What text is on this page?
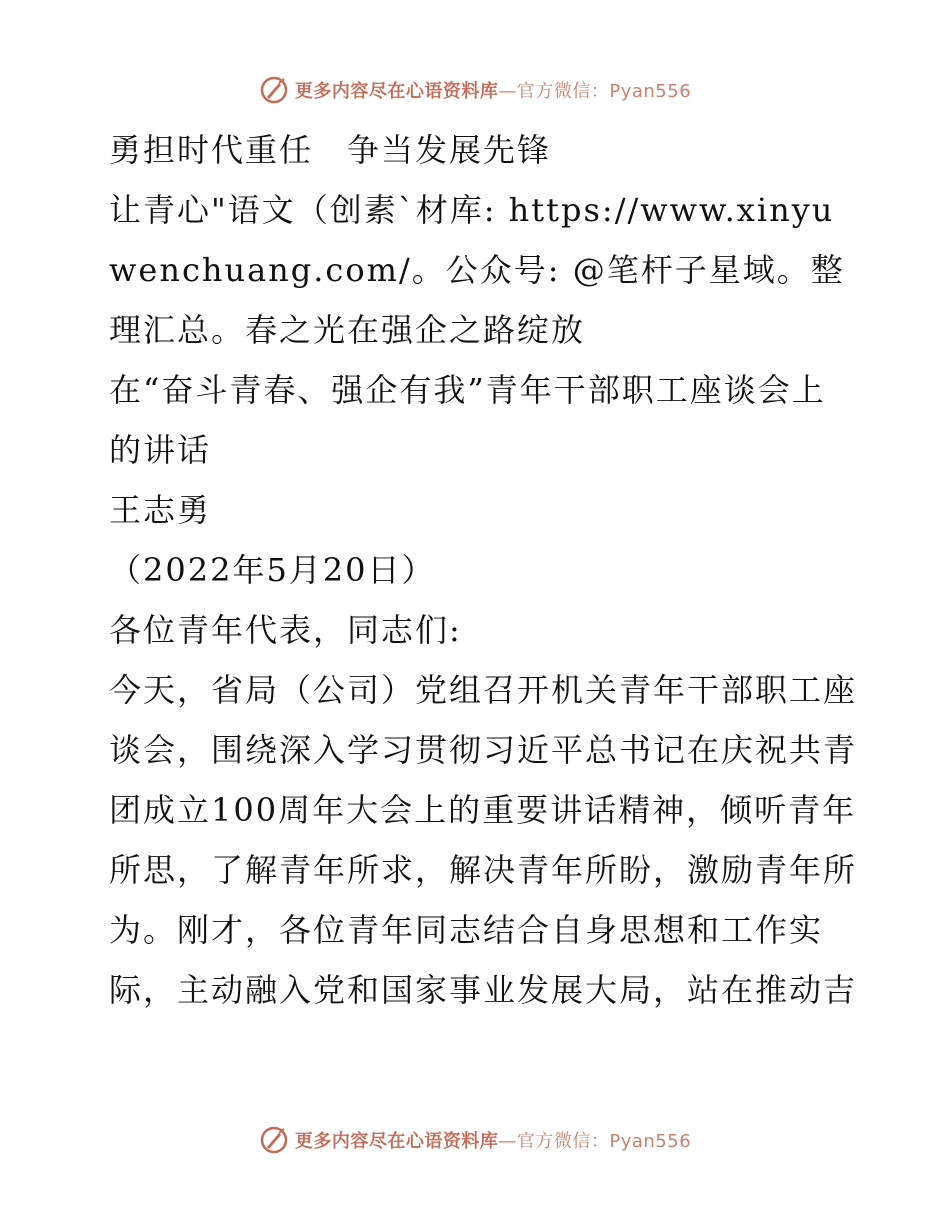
更多内容尽在心语资料库—官方微信：Pyan556

勇担时代重任　争当发展先锋

让青心"语文（创素`材库: https://www.xinyuwenchuang.com/。公众号: @笔杆子星域。整理汇总。春之光在强企之路绽放

在“奋斗青春、强企有我”青年干部职工座谈会上的讲话

王志勇

（2022年5月20日）

各位青年代表，同志们:

今天，省局（公司）党组召开机关青年干部职工座谈会，围绕深入学习贯彻习近平总书记在庆祝共青团成立100周年大会上的重要讲话精神，倾听青年所思，了解青年所求，解决青年所盼，激励青年所为。刚才，各位青年同志结合自身思想和工作实际，主动融入党和国家事业发展大局，站在推动吉

更多内容尽在心语资料库—官方微信：Pyan556
